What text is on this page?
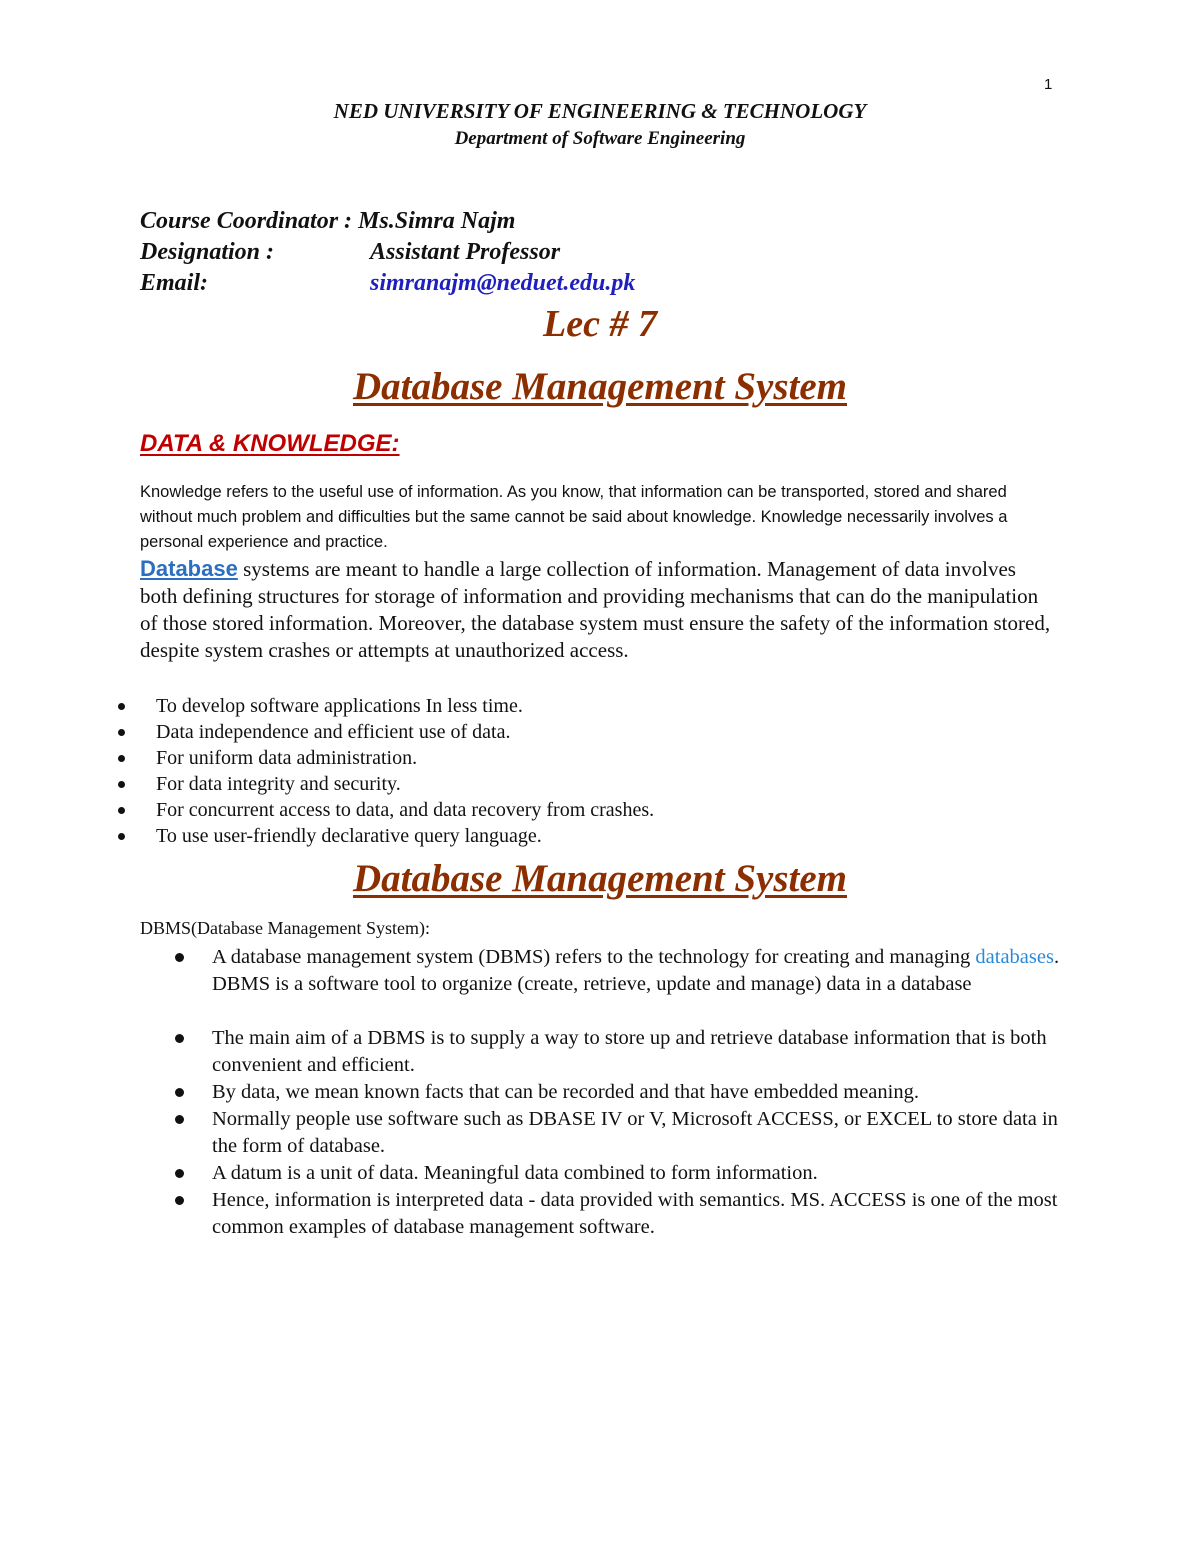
1
NED UNIVERSITY OF ENGINEERING & TECHNOLOGY
Department of Software Engineering
Course Coordinator : Ms.Simra Najm
Designation :	Assistant Professor
Email:	simranajm@neduet.edu.pk
Lec # 7
Database Management System
DATA & KNOWLEDGE:
Knowledge refers to the useful use of information. As you know, that information can be transported, stored and shared without much problem and difficulties but the same cannot be said about knowledge. Knowledge necessarily involves a personal experience and practice.
Database systems are meant to handle a large collection of information. Management of data involves both defining structures for storage of information and providing mechanisms that can do the manipulation of those stored information. Moreover, the database system must ensure the safety of the information stored, despite system crashes or attempts at unauthorized access.
To develop software applications In less time.
Data independence and efficient use of data.
For uniform data administration.
For data integrity and security.
For concurrent access to data, and data recovery from crashes.
To use user-friendly declarative query language.
Database Management System
DBMS(Database Management System):
A database management system (DBMS) refers to the technology for creating and managing databases. DBMS is a software tool to organize (create, retrieve, update and manage) data in a database
The main aim of a DBMS is to supply a way to store up and retrieve database information that is both convenient and efficient.
By data, we mean known facts that can be recorded and that have embedded meaning.
Normally people use software such as DBASE IV or V, Microsoft ACCESS, or EXCEL to store data in the form of database.
A datum is a unit of data. Meaningful data combined to form information.
Hence, information is interpreted data - data provided with semantics. MS. ACCESS is one of the most common examples of database management software.
